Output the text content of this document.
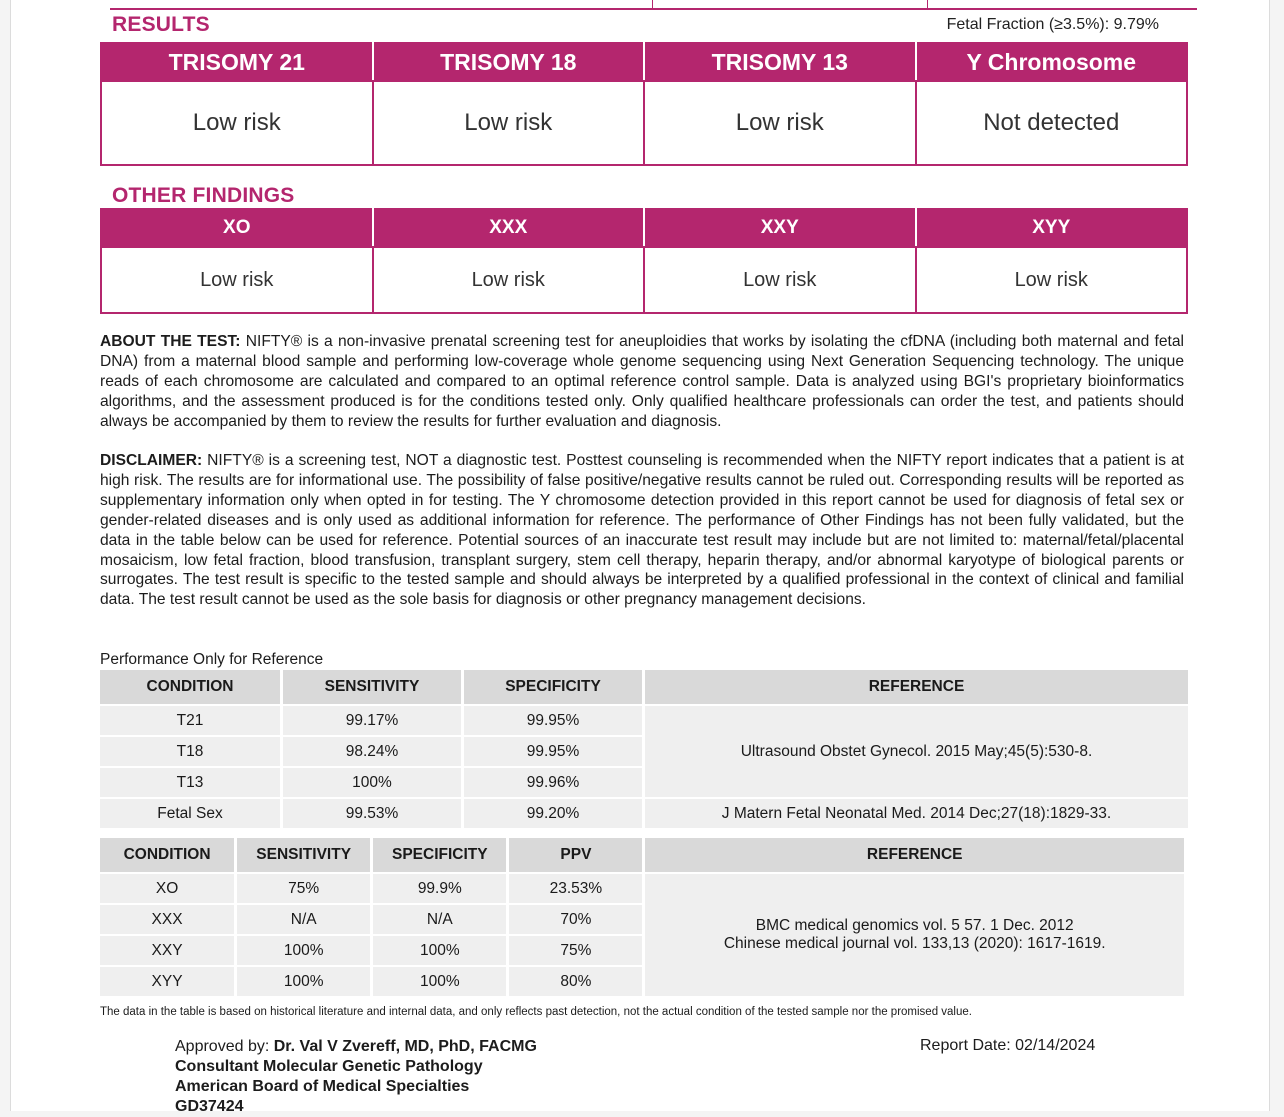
RESULTS	Fetal Fraction (≥3.5%): 9.79%
TRISOMY 21	TRISOMY 18	TRISOMY 13	Y Chromosome
Low risk	Low risk	Low risk	Not detected
OTHER FINDINGS
XO	XXX	XXY	XYY
Low risk	Low risk	Low risk	Low risk
ABOUT THE TEST: NIFTY® is a non-invasive prenatal screening test for aneuploidies that works by isolating the cfDNA (including both maternal and fetal DNA) from a maternal blood sample and performing low-coverage whole genome sequencing using Next Generation Sequencing technology. The unique reads of each chromosome are calculated and compared to an optimal reference control sample. Data is analyzed using BGI's proprietary bioinformatics algorithms, and the assessment produced is for the conditions tested only. Only qualified healthcare professionals can order the test, and patients should always be accompanied by them to review the results for further evaluation and diagnosis.
DISCLAIMER: NIFTY® is a screening test, NOT a diagnostic test. Posttest counseling is recommended when the NIFTY report indicates that a patient is at high risk. The results are for informational use. The possibility of false positive/negative results cannot be ruled out. Corresponding results will be reported as supplementary information only when opted in for testing. The Y chromosome detection provided in this report cannot be used for diagnosis of fetal sex or gender-related diseases and is only used as additional information for reference. The performance of Other Findings has not been fully validated, but the data in the table below can be used for reference. Potential sources of an inaccurate test result may include but are not limited to: maternal/fetal/placental mosaicism, low fetal fraction, blood transfusion, transplant surgery, stem cell therapy, heparin therapy, and/or abnormal karyotype of biological parents or surrogates. The test result is specific to the tested sample and should always be interpreted by a qualified professional in the context of clinical and familial data. The test result cannot be used as the sole basis for diagnosis or other pregnancy management decisions.
Performance Only for Reference
CONDITION	SENSITIVITY	SPECIFICITY	REFERENCE
T21	99.17%	99.95%	Ultrasound Obstet Gynecol. 2015 May;45(5):530-8.
T18	98.24%	99.95%	
T13	100%	99.96%	
Fetal Sex	99.53%	99.20%	J Matern Fetal Neonatal Med. 2014 Dec;27(18):1829-33.
CONDITION	SENSITIVITY	SPECIFICITY	PPV	REFERENCE
XO	75%	99.9%	23.53%	BMC medical genomics vol. 5 57. 1 Dec. 2012
Chinese medical journal vol. 133,13 (2020): 1617-1619.

XXX	N/A	N/A	70%	
XXY	100%	100%	75%	
XYY	100%	100%	80%	
The data in the table is based on historical literature and internal data, and only reflects past detection, not the actual condition of the tested sample nor the promised value.
Approved by: Dr. Val V Zvereff, MD, PhD, FACMG
Consultant Molecular Genetic Pathology
American Board of Medical Specialties
GD37424
Report Date: 02/14/2024
